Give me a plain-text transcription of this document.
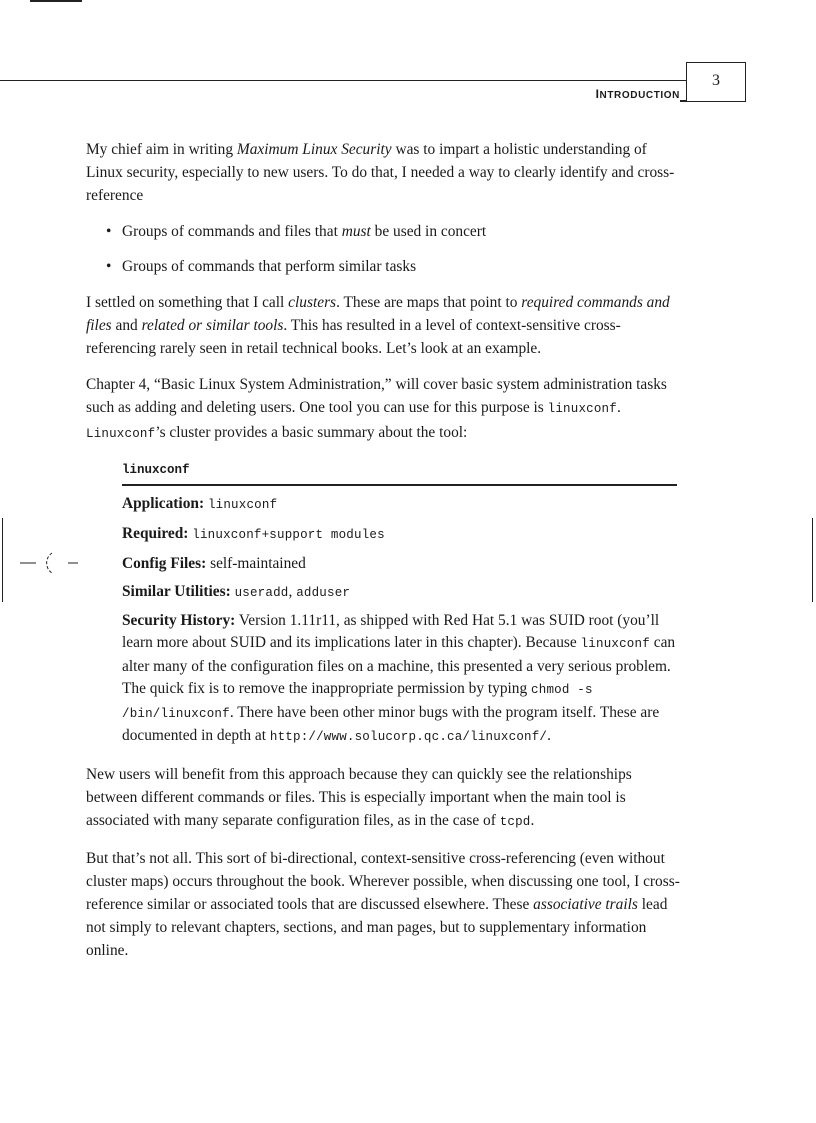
INTRODUCTION
3

My chief aim in writing Maximum Linux Security was to impart a holistic understanding of Linux security, especially to new users. To do that, I needed a way to clearly identify and cross-reference

• Groups of commands and files that must be used in concert
• Groups of commands that perform similar tasks

I settled on something that I call clusters. These are maps that point to required commands and files and related or similar tools. This has resulted in a level of context-sensitive cross-referencing rarely seen in retail technical books. Let’s look at an example.

Chapter 4, “Basic Linux System Administration,” will cover basic system administration tasks such as adding and deleting users. One tool you can use for this purpose is linuxconf. Linuxconf’s cluster provides a basic summary about the tool:

linuxconf
Application: linuxconf
Required: linuxconf+support modules
Config Files: self-maintained
Similar Utilities: useradd, adduser
Security History: Version 1.11r11, as shipped with Red Hat 5.1 was SUID root (you’ll learn more about SUID and its implications later in this chapter). Because linuxconf can alter many of the configuration files on a machine, this presented a very serious problem. The quick fix is to remove the inappropriate permission by typing chmod -s /bin/linuxconf. There have been other minor bugs with the program itself. These are documented in depth at http://www.solucorp.qc.ca/linuxconf/.

New users will benefit from this approach because they can quickly see the relationships between different commands or files. This is especially important when the main tool is associated with many separate configuration files, as in the case of tcpd.

But that’s not all. This sort of bi-directional, context-sensitive cross-referencing (even without cluster maps) occurs throughout the book. Wherever possible, when discussing one tool, I cross-reference similar or associated tools that are discussed elsewhere. These associative trails lead not simply to relevant chapters, sections, and man pages, but to supplementary information online.
